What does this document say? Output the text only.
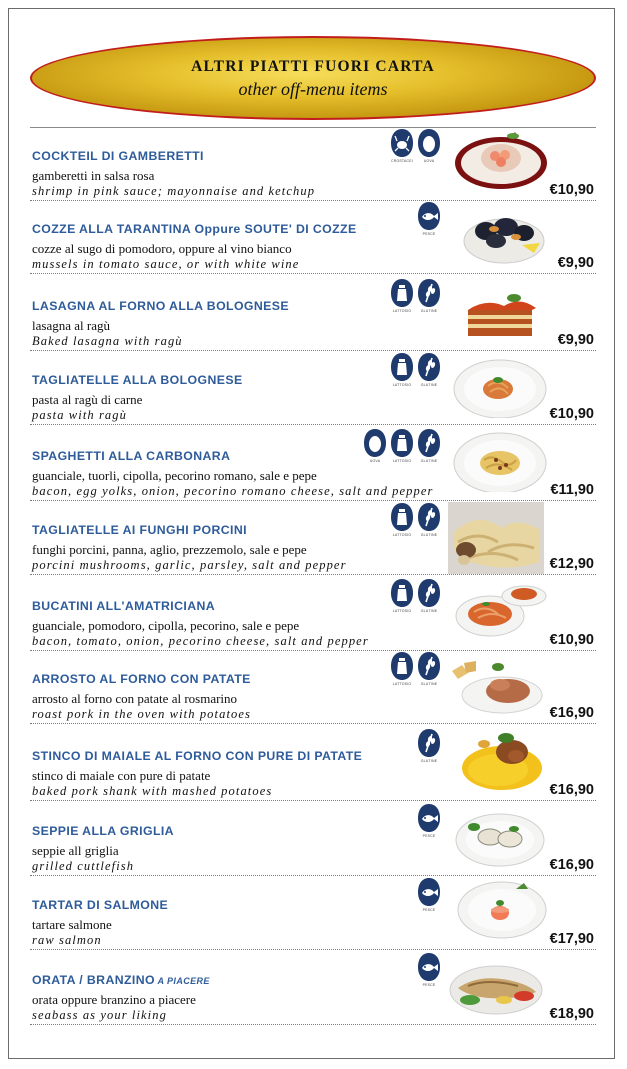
ALTRI PIATTI FUORI CARTA
other off-menu items
COCKTEIL DI GAMBERETTI
gamberetti in salsa rosa
shrimp in pink sauce; mayonnaise and ketchup	€10,90
CROSTACEI	UOVA
COZZE ALLA TARANTINA Oppure SOUTE' DI COZZE
cozze al sugo di pomodoro, oppure al vino bianco
mussels in tomato sauce, or with white wine	€9,90
PESCE
LASAGNA AL FORNO ALLA BOLOGNESE
lasagna al ragù
Baked lasagna with ragù	€9,90
LATTOSIO	GLUTINE
TAGLIATELLE ALLA BOLOGNESE
pasta al ragù di carne
pasta with ragù	€10,90
LATTOSIO	GLUTINE
SPAGHETTI ALLA CARBONARA
guanciale, tuorli, cipolla, pecorino romano, sale e pepe
bacon, egg yolks, onion, pecorino romano cheese, salt and pepper	€11,90
UOVA	LATTOSIO	GLUTINE
TAGLIATELLE AI FUNGHI PORCINI
funghi porcini, panna, aglio, prezzemolo, sale e pepe
porcini mushrooms, garlic, parsley, salt and pepper	€12,90
LATTOSIO	GLUTINE
BUCATINI ALL'AMATRICIANA
guanciale, pomodoro, cipolla, pecorino, sale e pepe
bacon, tomato, onion, pecorino cheese, salt and pepper	€10,90
LATTOSIO	GLUTINE
ARROSTO AL FORNO CON PATATE
arrosto al forno con patate al rosmarino
roast pork in the oven with potatoes	€16,90
LATTOSIO	GLUTINE
STINCO DI MAIALE AL FORNO CON PURE DI PATATE
stinco di maiale con pure di patate
baked pork shank with mashed potatoes	€16,90
GLUTINE
SEPPIE ALLA GRIGLIA
seppie all griglia
grilled cuttlefish	€16,90
PESCE
TARTAR DI SALMONE
tartare salmone
raw salmon	€17,90
PESCE
ORATA / BRANZINO A PIACERE
orata oppure branzino a piacere
seabass as your liking	€18,90
PESCE
